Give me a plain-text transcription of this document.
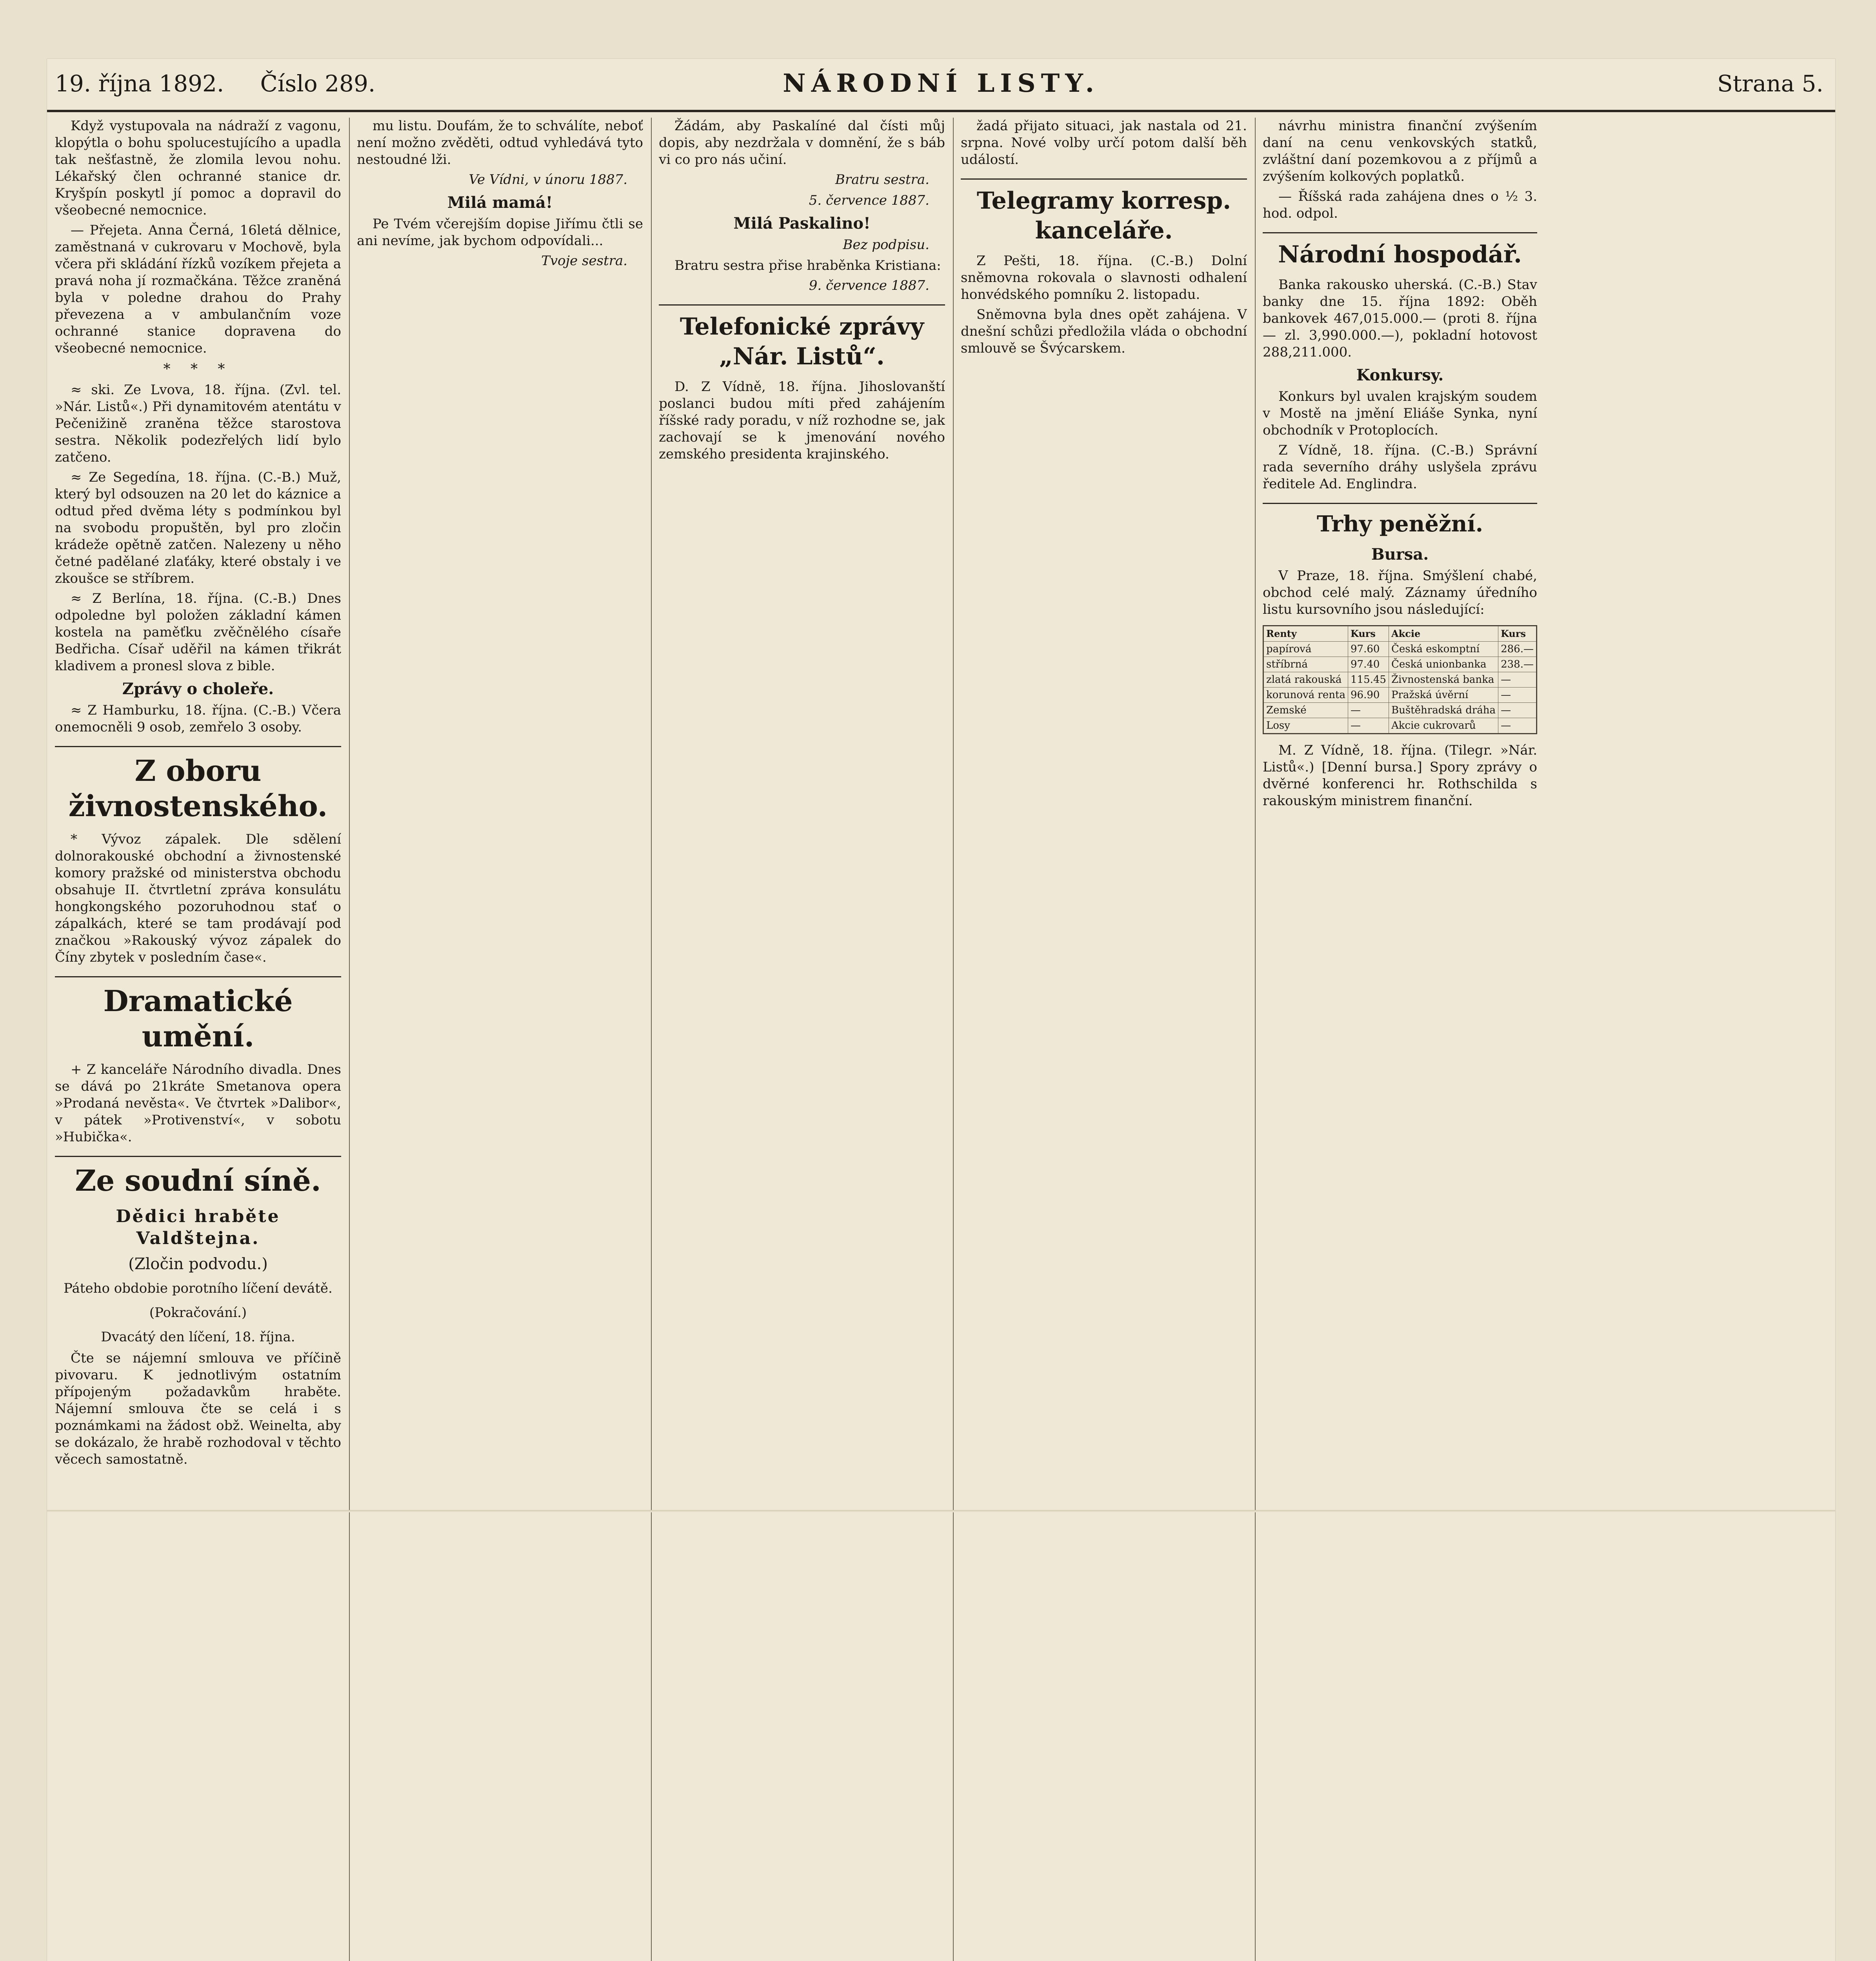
19. října 1892. Číslo 289.	NÁRODNÍ LISTY.	Strana 5.

Když vystupovala na nádraží z vagonu, klopýtla o bohu spolucestujícího a upadla tak nešťastně, že zlomila levou nohu. Lékařský člen ochranné stanice dr. Kryšpín poskytl jí pomoc a dopravil do všeobecné nemocnice.

— Přejeta. Anna Černá, 16letá dělnice, zaměstnaná v cukrovaru v Mochově, byla včera při skládání řízků vozíkem přejeta a pravá noha jí rozmačkána. Těžce zraněná byla v poledne drahou do Prahy převezena a v ambulančním voze ochranné stanice dopravena do všeobecné nemocnice.

* * *

≈ ski. Ze Lvova, 18. října. (Zvl. tel. »Nár. Listů«.) Při dynamitovém atentátu v Pečenižině zraněna těžce starostova sestra. Několik podezřelých lidí bylo zatčeno.

≈ Ze Segedína, 18. října. (C.-B.) Muž, který byl odsouzen na 20 let do káznice a odtud před dvěma léty s podmínkou byl na svobodu propuštěn, byl pro zločin krádeže opětně zatčen. Nalezeny u něho četné padělané zlaťáky, které obstaly i ve zkoušce se stříbrem.

≈ Z Berlína, 18. října. (C.-B.) Dnes odpoledne byl položen základní kámen kostela na paměťku zvěčnělého císaře Bedřicha. Císař uděřil na kámen třikrát kladivem a pronesl slova z bible.

Zprávy o choleře.

≈ Z Hamburku, 18. října. (C.-B.) Včera onemocněli 9 osob, zemřelo 3 osoby.

Z oboru živnostenského.

* Vývoz zápalek. Dle sdělení dolnorakouské obchodní a živnostenské komory pražské od ministerstva obchodu obsahuje II. čtvrtletní zpráva konsulátu hongkongského pozoruhodnou stať o zápalkách, které se tam prodávají pod značkou »Rakouský vývoz zápalek do Číny zbytek v posledním čase«.

Dramatické umění.

+ Z kanceláře Národního divadla. Dnes se dává po 21kráte Smetanova opera »Prodaná nevěsta«. Ve čtvrtek »Dalibor«, v pátek »Protivenství«, v sobotu »Hubička«.

Ze soudní síně.
Dědici hraběte Valdštejna.
(Zločin podvodu.)
Páteho obdobie porotního líčení devátě.
(Pokračování.)
Dvacátý den líčení, 18. října.

Čte se nájemní smlouva ve příčině pivovaru. K jednotlivým ostatním přípojeným požadavkům hraběte. Nájemní smlouva čte se celá i s poznámkami na žádost obž. Weinelta, aby se dokázalo, že hrabě rozhodoval v těchto věcech samostatně.

mu listu. Doufám, že to schválíte, neboť není možno zvěděti, odtud vyhledává tyto nestoudné lži.

Ve Vídni, v únoru 1887.
Milá mamá!

Pe Tvém včerejším dopise Jiřímu čtli se ani nevíme, jak bychom odpovídali...

Tvoje sestra.

Žádám, aby Paskalíné dal čísti můj dopis, aby nezdržala v domnění, že s báb vi co pro nás učiní.

Bratru sestra.
5. července 1887.
Milá Paskalino!
Bez podpisu.

Bratru sestra přise hraběnka Kristiana:

9. července 1887.
Telefonické zprávy „Nár. Listů“.

D. Z Vídně, 18. října. Jihoslovanští poslanci budou míti před zahájením říšské rady poradu, v níž rozhodne se, jak zachovají se k jmenování nového zemského presidenta krajinského.

žadá přijato situaci, jak nastala od 21. srpna. Nové volby určí potom další běh událostí.

Telegramy korresp. kanceláře.

Z Pešti, 18. října. (C.-B.) Dolní sněmovna rokovala o slavnosti odhalení honvédského pomníku 2. listopadu.

Sněmovna byla dnes opět zahájena. V dnešní schůzi předložila vláda o obchodní smlouvě se Švýcarskem.

návrhu ministra finanční zvýšením daní na cenu venkovských statků, zvláštní daní pozemkovou a z příjmů a zvýšením kolkových poplatků.

— Říšská rada zahájena dnes o ½ 3. hod. odpol.

Národní hospodář.

Banka rakousko uherská. (C.-B.) Stav banky dne 15. října 1892: Oběh bankovek 467,015.000.— (proti 8. října — zl. 3,990.000.—), pokladní hotovost 288,211.000.

Konkursy.

Konkurs byl uvalen krajským soudem v Mostě na jmění Eliáše Synka, nyní obchodník v Protoplocích.

Z Vídně, 18. října. (C.-B.) Správní rada severního dráhy uslyšela zprávu ředitele Ad. Englindra.

Trhy peněžní.
Bursa.

V Praze, 18. října. Smýšlení chabé, obchod celé malý. Záznamy úředního listu kursovního jsou následující:

Renty	Kurs	Akcie	Kurs
papírová	97.60	Česká eskomptní	286.—
stříbrná	97.40	Česká unionbanka	238.—
zlatá rakouská	115.45	Živnostenská banka	—
korunová renta	96.90	Pražská úvěrní	—
Zemské	—	Buštěhradská dráha	—
Losy	—	Akcie cukrovarů	—

M. Z Vídně, 18. října. (Tilegr. »Nár. Listů«.) [Denní bursa.] Spory zprávy o dvěrné konferenci hr. Rothschilda s rakouským ministrem finanční.
